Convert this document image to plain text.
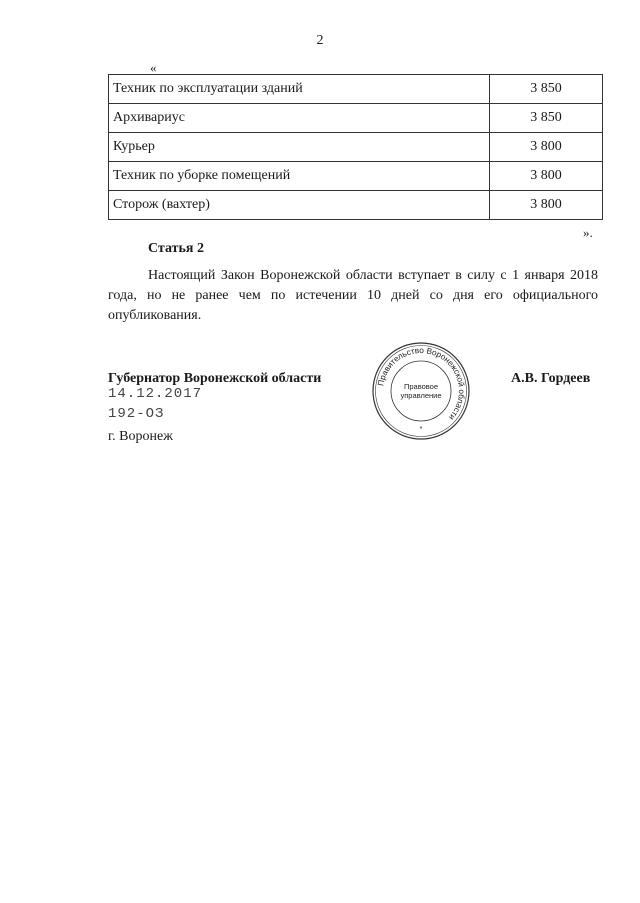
2
«
Техник по эксплуатации зданий	3 850
Архивариус	3 850
Курьер	3 800
Техник по уборке помещений	3 800
Сторож (вахтер)	3 800
».
Статья 2

Настоящий Закон Воронежской области вступает в силу с 1 января 2018 года, но не ранее чем по истечении 10 дней со дня его официального опубликования.

Губернатор Воронежской области	А.В. Гордеев
14.12.2017
192-ОЗ
г. Воронеж
Правительство Воронежской области
Правовое
управление
*
